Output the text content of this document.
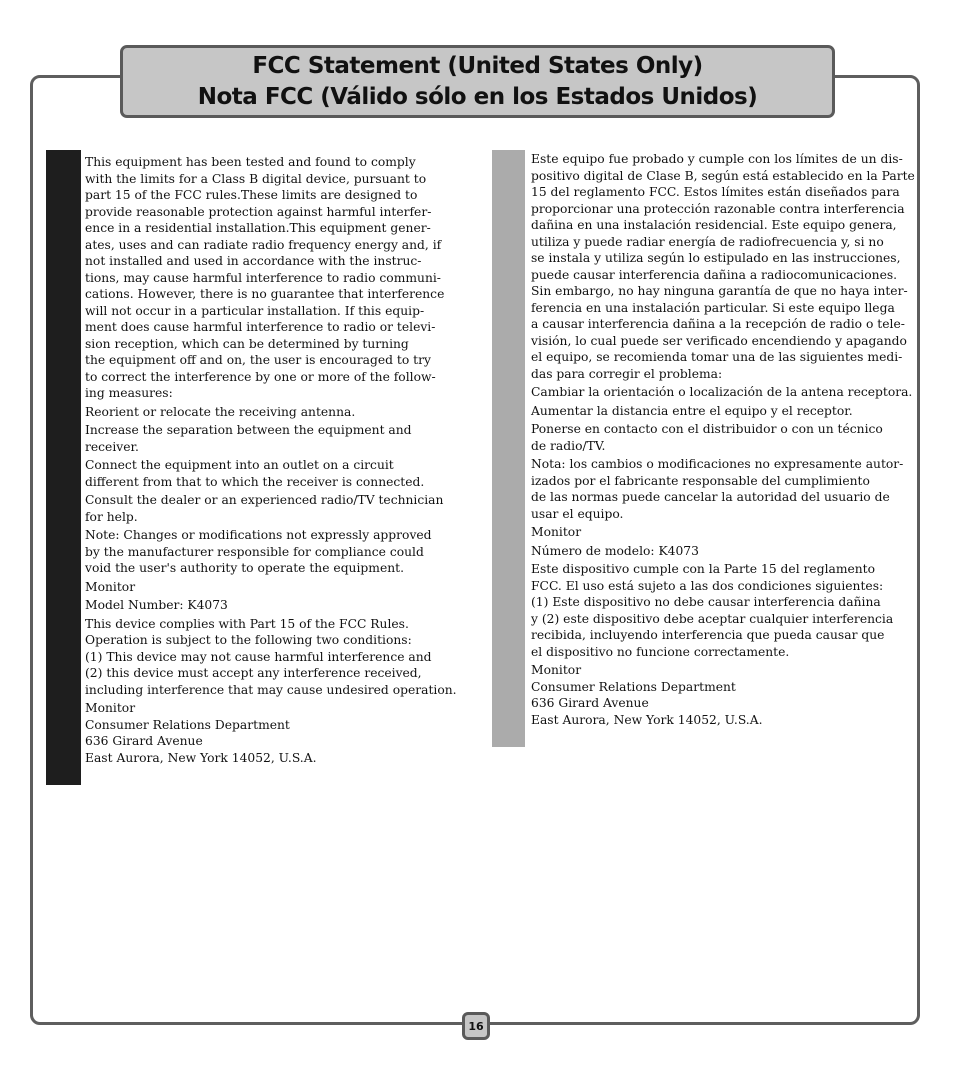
FCC Statement (United States Only)
Nota FCC (Válido sólo en los Estados Unidos)
This equipment has been tested and found to comply
with the limits for a Class B digital device, pursuant to
part 15 of the FCC rules.These limits are designed to
provide reasonable protection against harmful interfer-
ence in a residential installation.This equipment gener-
ates, uses and can radiate radio frequency energy and, if
not installed and used in accordance with the instruc-
tions, may cause harmful interference to radio communi-
cations. However, there is no guarantee that interference
will not occur in a particular installation. If this equip-
ment does cause harmful interference to radio or televi-
sion reception, which can be determined by turning
the equipment off and on, the user is encouraged to try
to correct the interference by one or more of the follow-
ing measures:
Reorient or relocate the receiving antenna.
Increase the separation between the equipment and
receiver.
Connect the equipment into an outlet on a circuit
different from that to which the receiver is connected.
Consult the dealer or an experienced radio/TV technician
for help.
Note: Changes or modifications not expressly approved
by the manufacturer responsible for compliance could
void the user's authority to operate the equipment.
Monitor
Model Number: K4073
This device complies with Part 15 of the FCC Rules.
Operation is subject to the following two conditions:
(1) This device may not cause harmful interference and
(2) this device must accept any interference received,
including interference that may cause undesired operation.
Monitor
Consumer Relations Department
636 Girard Avenue
East Aurora, New York 14052, U.S.A.
Este equipo fue probado y cumple con los límites de un dis-
positivo digital de Clase B, según está establecido en la Parte
15 del reglamento FCC. Estos límites están diseñados para
proporcionar una protección razonable contra interferencia
dañina en una instalación residencial. Este equipo genera,
utiliza y puede radiar energía de radiofrecuencia y, si no
se instala y utiliza según lo estipulado en las instrucciones,
puede causar interferencia dañina a radiocomunicaciones.
Sin embargo, no hay ninguna garantía de que no haya inter-
ferencia en una instalación particular. Si este equipo llega
a causar interferencia dañina a la recepción de radio o tele-
visión, lo cual puede ser verificado encendiendo y apagando
el equipo, se recomienda tomar una de las siguientes medi-
das para corregir el problema:
Cambiar la orientación o localización de la antena receptora.
Aumentar la distancia entre el equipo y el receptor.
Ponerse en contacto con el distribuidor o con un técnico
de radio/TV.
Nota: los cambios o modificaciones no expresamente autor-
izados por el fabricante responsable del cumplimiento
de las normas puede cancelar la autoridad del usuario de
usar el equipo.
Monitor
Número de modelo: K4073
Este dispositivo cumple con la Parte 15 del reglamento
FCC. El uso está sujeto a las dos condiciones siguientes:
(1) Este dispositivo no debe causar interferencia dañina
y (2) este dispositivo debe aceptar cualquier interferencia
recibida, incluyendo interferencia que pueda causar que
el dispositivo no funcione correctamente.
Monitor
Consumer Relations Department
636 Girard Avenue
East Aurora, New York 14052, U.S.A.
16
